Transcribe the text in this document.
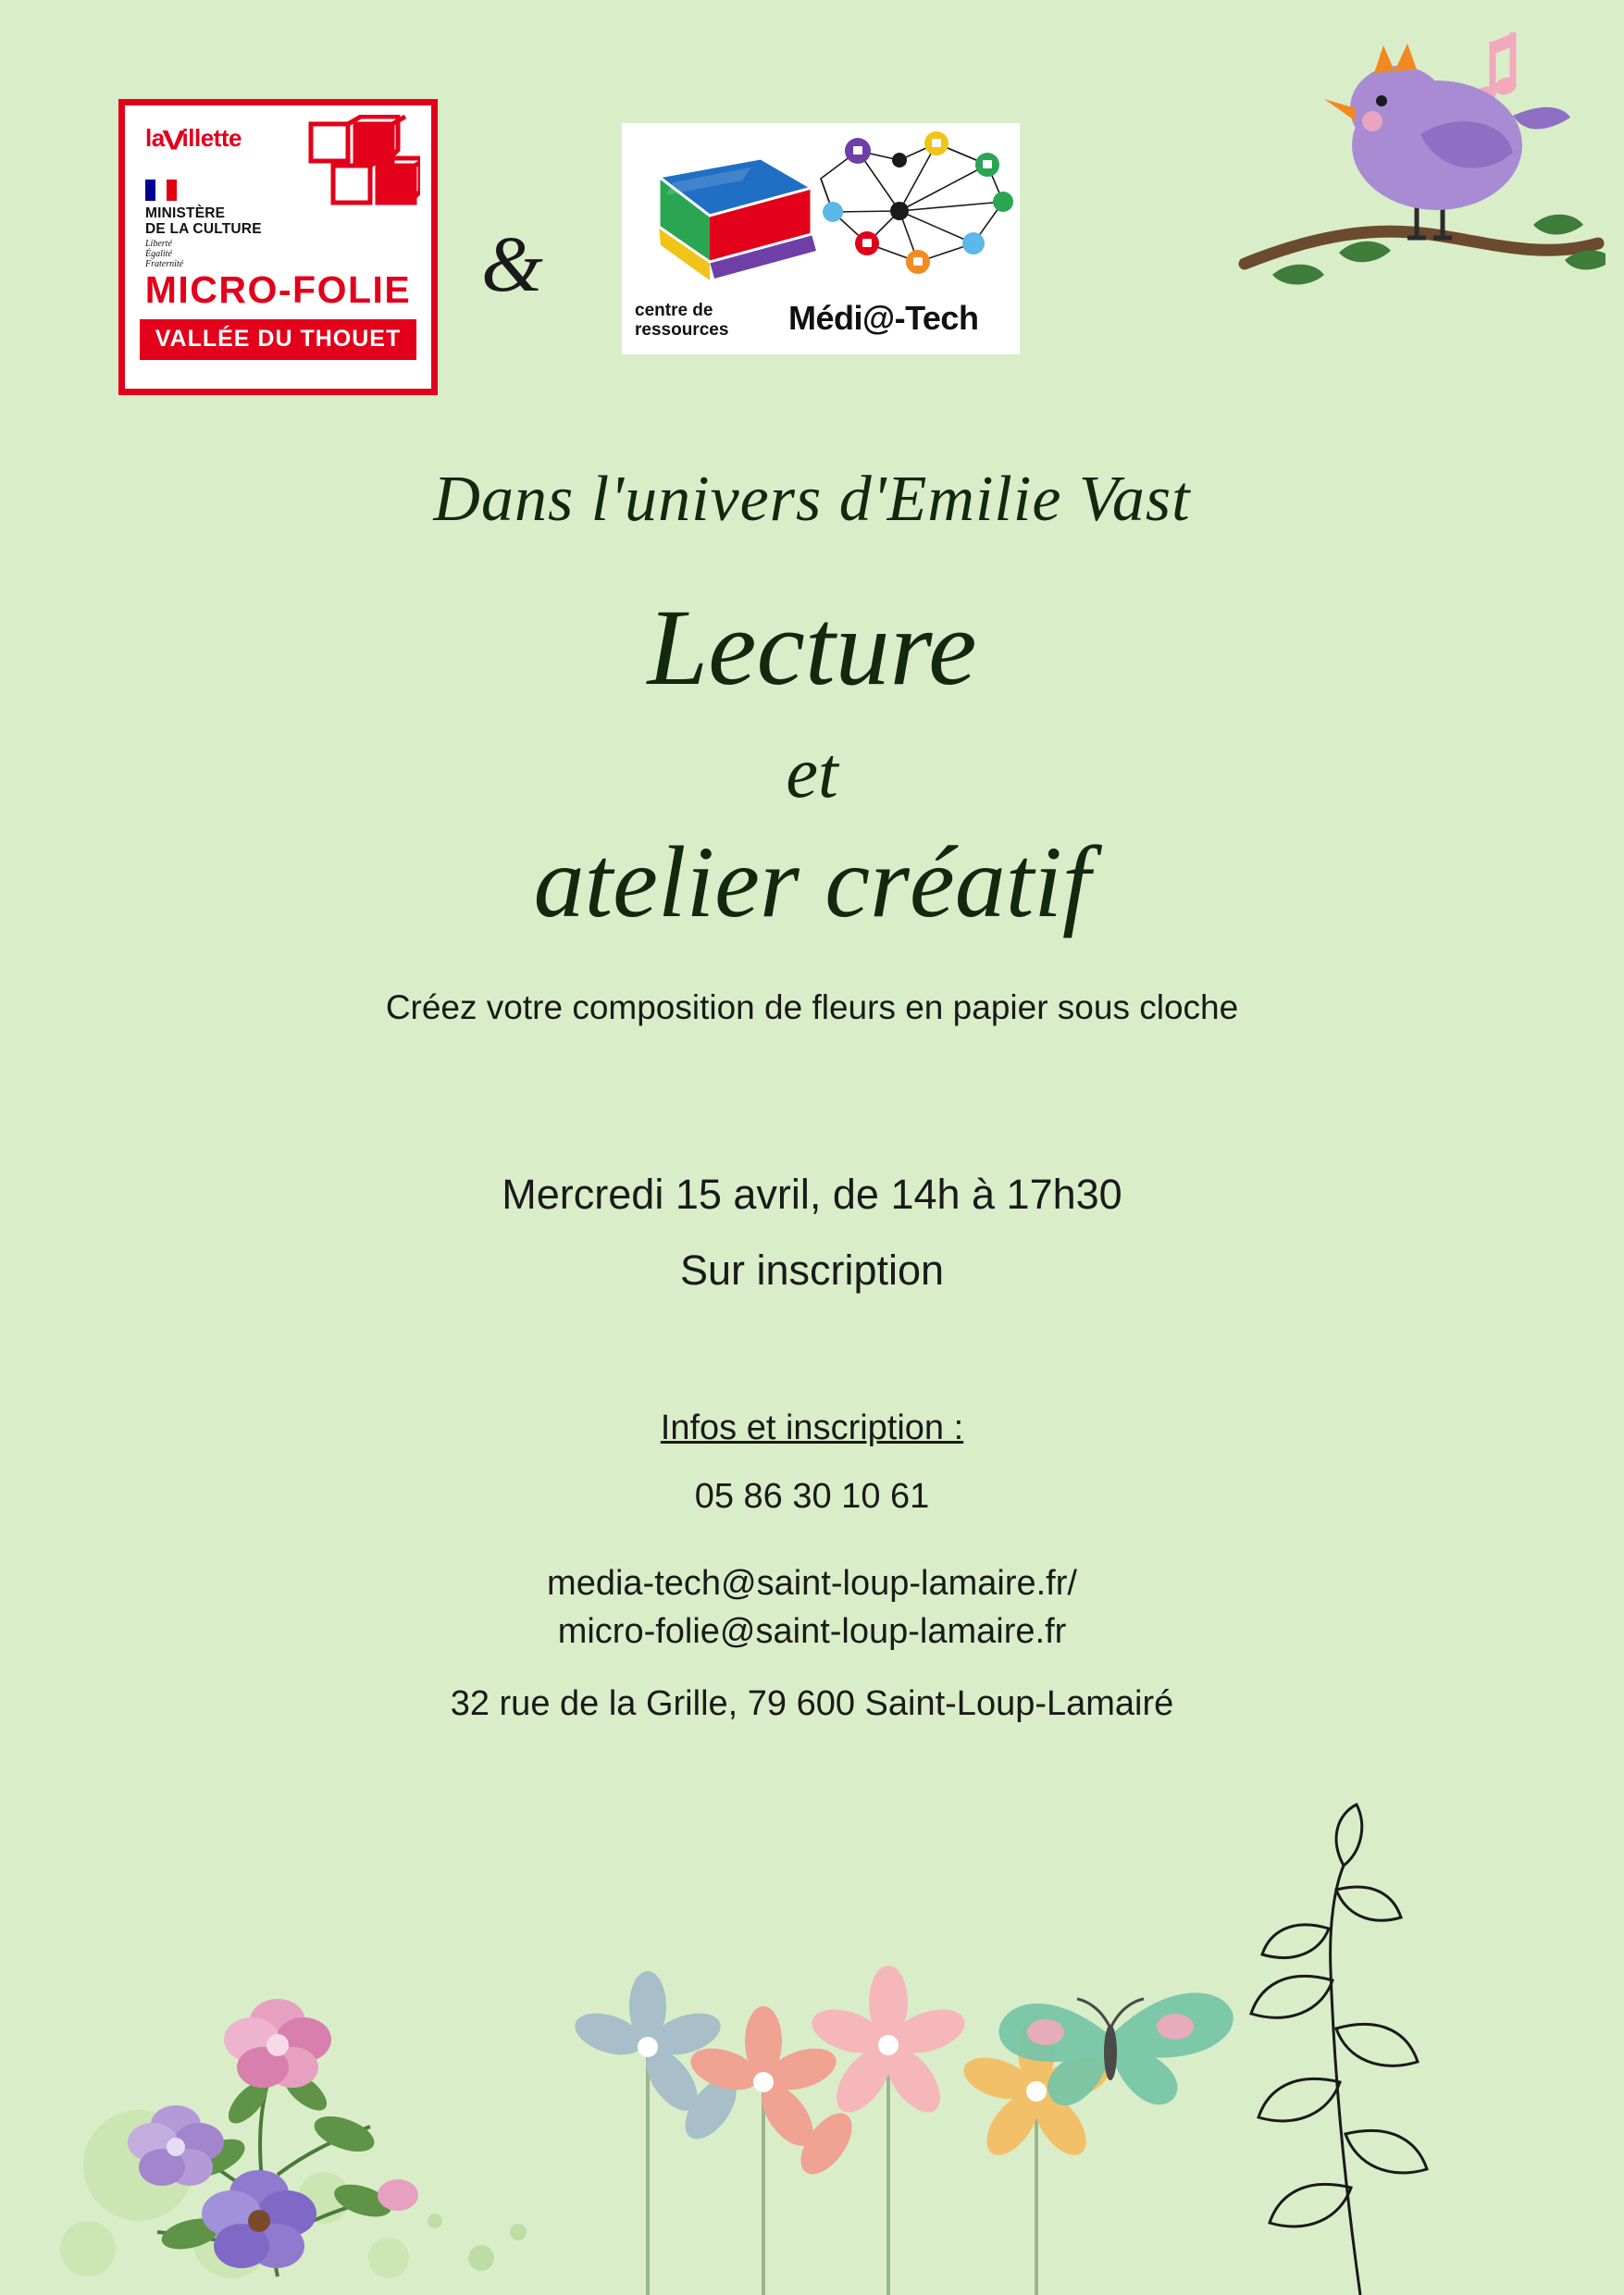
laVillette
MINISTÈRE
DE LA CULTURE
Liberté
Égalité
Fraternité
MICRO-FOLIE
VALLÉE DU THOUET
&
centre de
ressources Médi@-Tech
Dans l'univers d'Emilie Vast
Lecture
et
atelier créatif
Créez votre composition de fleurs en papier sous cloche
Mercredi 15 avril, de 14h à 17h30
Sur inscription
Infos et inscription :
05 86 30 10 61
media-tech@saint-loup-lamaire.fr/
micro-folie@saint-loup-lamaire.fr
32 rue de la Grille, 79 600 Saint-Loup-Lamairé
